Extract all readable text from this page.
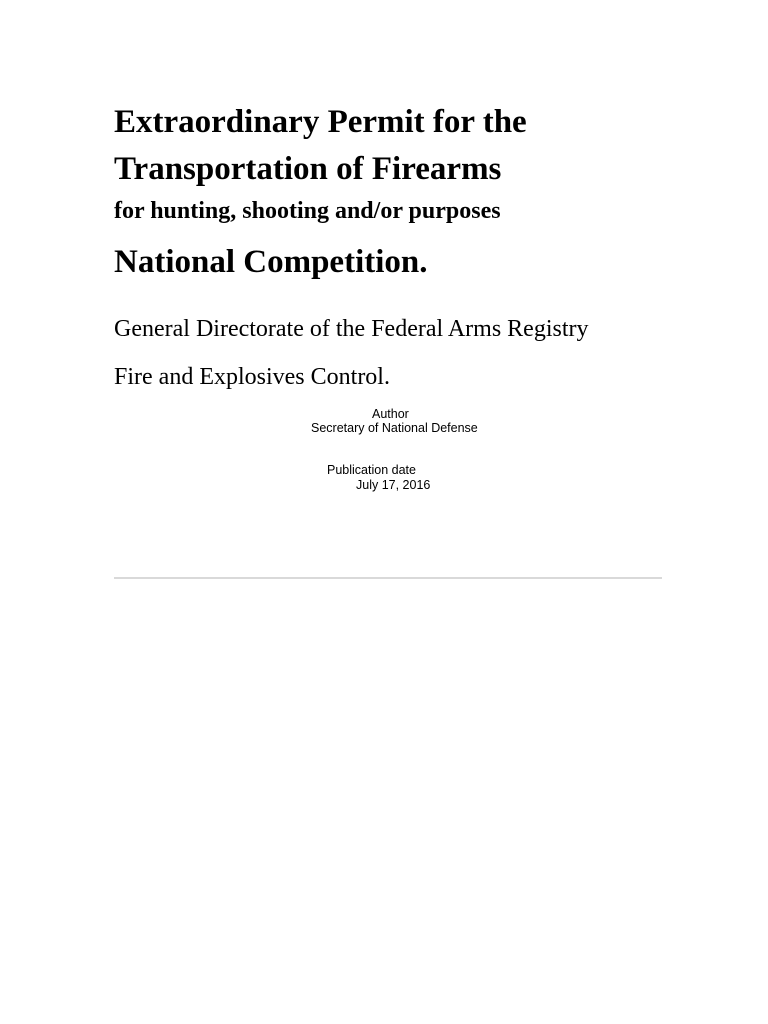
Extraordinary Permit for the
Transportation of Firearms
for hunting, shooting and/or purposes
National Competition.

General Directorate of the Federal Arms Registry

Fire and Explosives Control.

Author
Secretary of National Defense
Publication date
July 17, 2016
